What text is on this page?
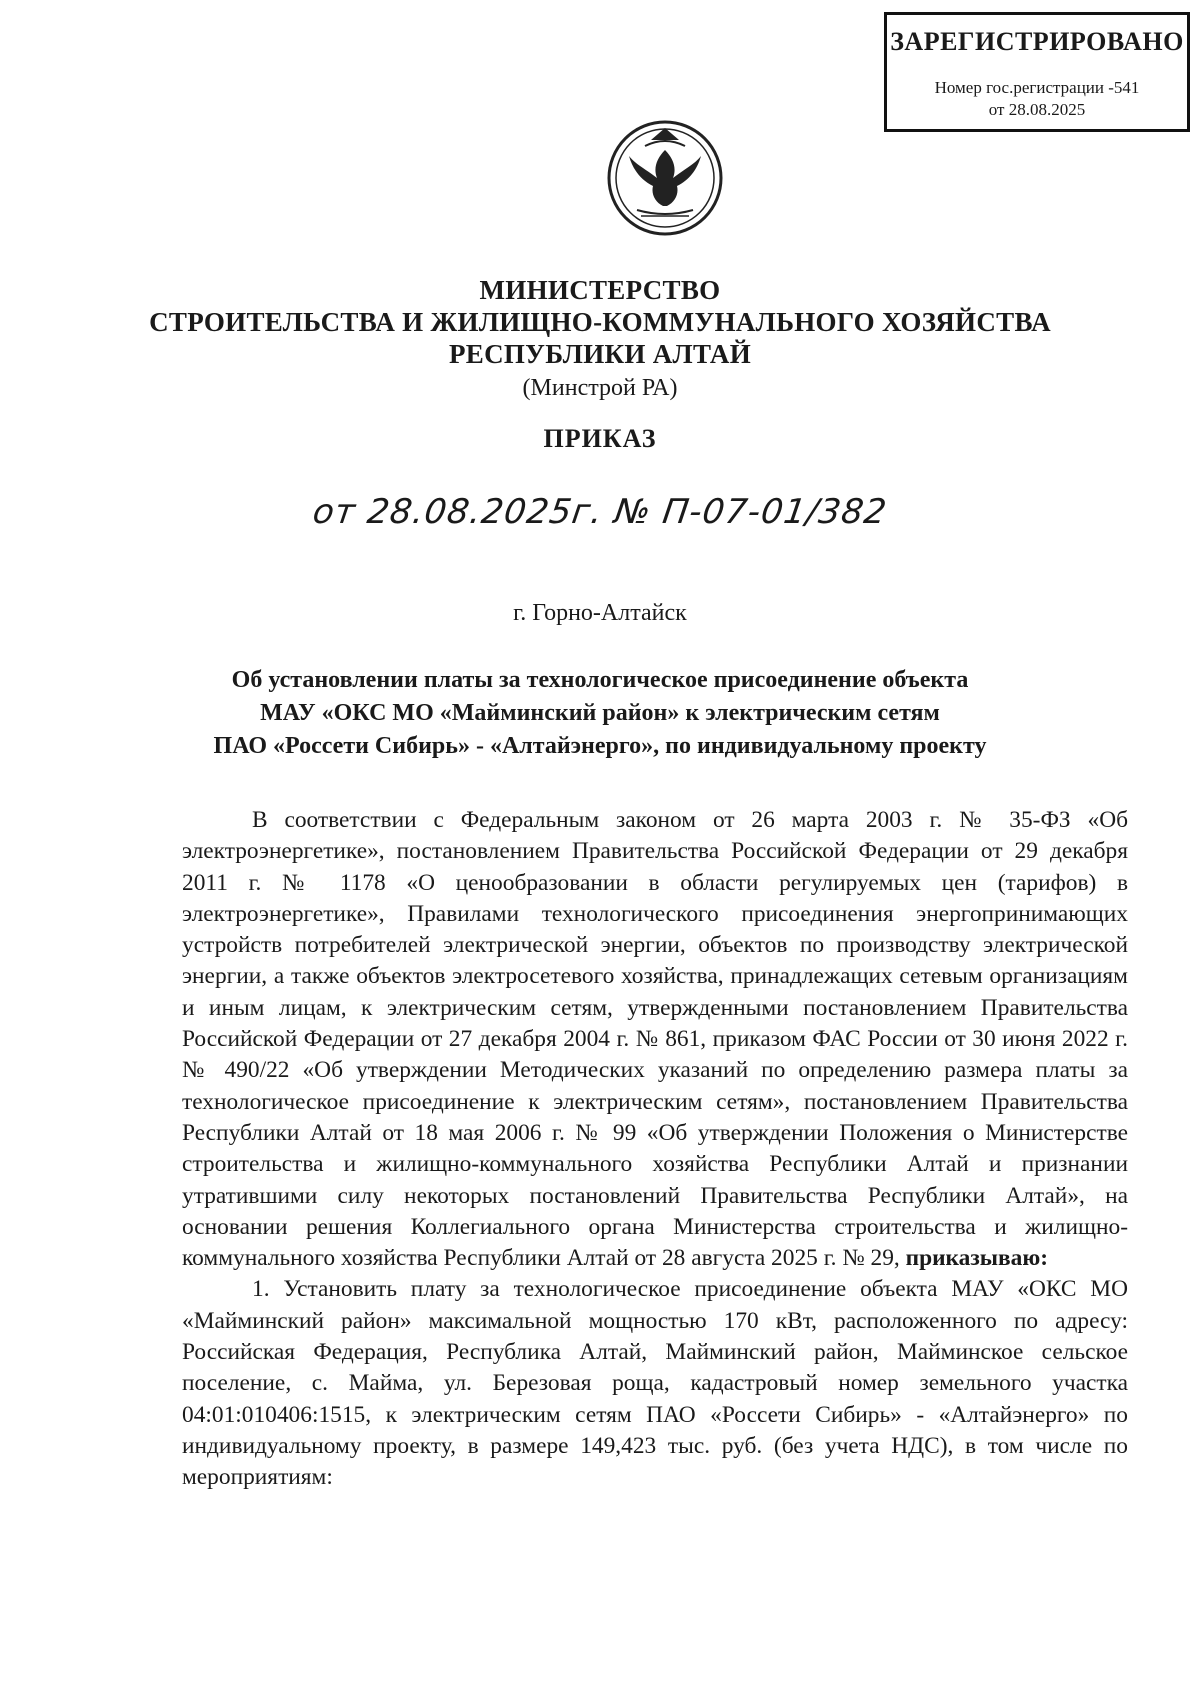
ЗАРЕГИСТРИРОВАНО
Номер гос.регистрации -541
от 28.08.2025
МИНИСТЕРСТВО
СТРОИТЕЛЬСТВА И ЖИЛИЩНО-КОММУНАЛЬНОГО ХОЗЯЙСТВА
РЕСПУБЛИКИ АЛТАЙ
(Минстрой РА)
ПРИКАЗ
от 28.08.2025г. № П-07-01/382
г. Горно-Алтайск
Об установлении платы за технологическое присоединение объекта
МАУ «ОКС МО «Майминский район» к электрическим сетям
ПАО «Россети Сибирь» - «Алтайэнерго», по индивидуальному проекту

В соответствии с Федеральным законом от 26 марта 2003 г. № 35-ФЗ «Об электроэнергетике», постановлением Правительства Российской Федерации от 29 декабря 2011 г. № 1178 «О ценообразовании в области регулируемых цен (тарифов) в электроэнергетике», Правилами технологического присоединения энергопринимающих устройств потребителей электрической энергии, объектов по производству электрической энергии, а также объектов электросетевого хозяйства, принадлежащих сетевым организациям и иным лицам, к электрическим сетям, утвержденными постановлением Правительства Российской Федерации от 27 декабря 2004 г. № 861, приказом ФАС России от 30 июня 2022 г. № 490/22 «Об утверждении Методических указаний по определению размера платы за технологическое присоединение к электрическим сетям», постановлением Правительства Республики Алтай от 18 мая 2006 г. № 99 «Об утверждении Положения о Министерстве строительства и жилищно-коммунального хозяйства Республики Алтай и признании утратившими силу некоторых постановлений Правительства Республики Алтай», на основании решения Коллегиального органа Министерства строительства и жилищно-коммунального хозяйства Республики Алтай от 28 августа 2025 г. № 29, приказываю:

1. Установить плату за технологическое присоединение объекта МАУ «ОКС МО «Майминский район» максимальной мощностью 170 кВт, расположенного по адресу: Российская Федерация, Республика Алтай, Майминский район, Майминское сельское поселение, с. Майма, ул. Березовая роща, кадастровый номер земельного участка 04:01:010406:1515, к электрическим сетям ПАО «Россети Сибирь» - «Алтайэнерго» по индивидуальному проекту, в размере 149,423 тыс. руб. (без учета НДС), в том числе по мероприятиям:
